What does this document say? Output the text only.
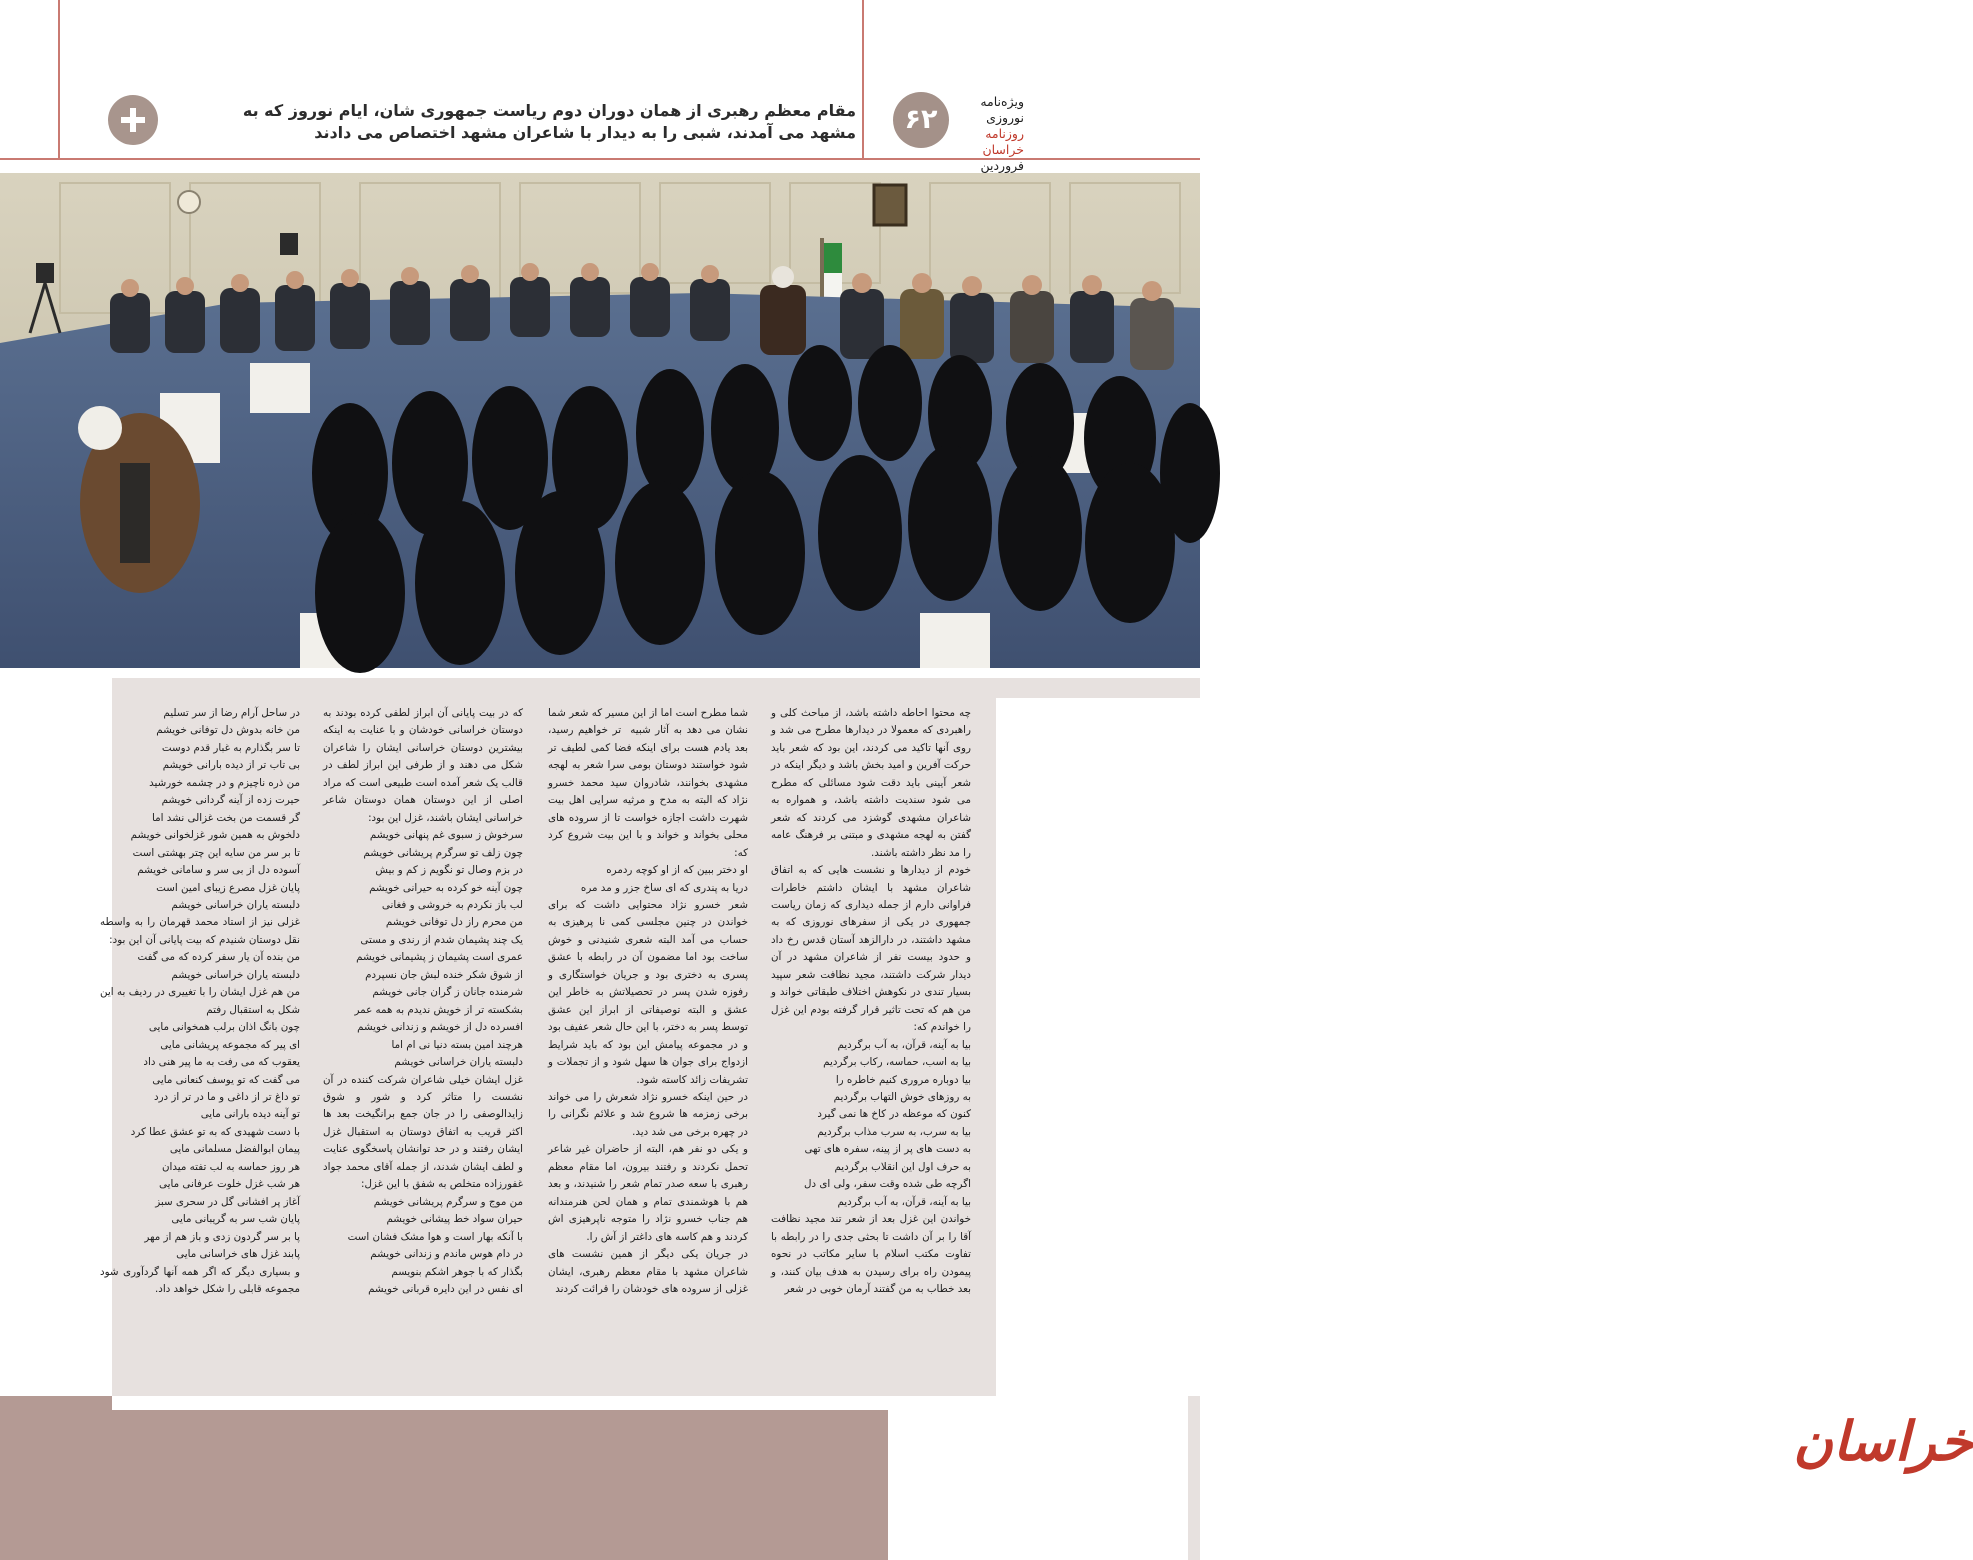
۶۲
ویژه‌نامه نوروزی
روزنامه خراسان
فروردین
مقام معظم رهبری از همان دوران دوم ریاست جمهوری شان، ایام نوروز که به
مشهد می آمدند، شبی را به دیدار با شاعران مشهد اختصاص می دادند
چه محتوا احاطه داشته باشد، از مباحث کلی و راهبردی که معمولا در دیدارها مطرح می شد و روی آنها تاکید می کردند، این بود که شعر باید حرکت آفرین و امید بخش باشد و دیگر اینکه در شعر آیینی باید دقت شود مسائلی که مطرح می شود سندیت داشته باشد، و همواره به شاعران مشهدی گوشزد می کردند که شعر گفتن به لهجه مشهدی و مبتنی بر فرهنگ عامه را مد نظر داشته باشند.
خودم از دیدارها و نشست هایی که به اتفاق شاعران مشهد با ایشان داشتم خاطرات فراوانی دارم از جمله دیداری که زمان ریاست جمهوری در یکی از سفرهای نوروزی که به مشهد داشتند، در دارالزهد آستان قدس رخ داد و حدود بیست نفر از شاعران مشهد در آن دیدار شرکت داشتند، مجید نظافت شعر سپید بسیار تندی در نکوهش اختلاف طبقاتی خواند و من هم که تحت تاثیر قرار گرفته بودم این غزل را خواندم که:
بیا به آینه، قرآن، به آب برگردیم
بیا به اسب، حماسه، رکاب برگردیم
بیا دوباره مروری کنیم خاطره را
به روزهای خوش التهاب برگردیم
کنون که موعظه در کاخ ها نمی گیرد
بیا به سرب، به سرب مذاب برگردیم
به دست های پر از پینه، سفره های تهی
به حرف اول این انقلاب برگردیم
اگرچه طی شده وقت سفر، ولی ای دل
بیا به آینه، قرآن، به آب برگردیم
خواندن این غزل بعد از شعر تند مجید نظافت آقا را بر آن داشت تا بحثی جدی را در رابطه با تفاوت مکتب اسلام با سایر مکاتب در نحوه پیمودن راه برای رسیدن به هدف بیان کنند، و بعد خطاب به من گفتند آرمان خوبی در شعر
شما مطرح است اما از این مسیر که شعر شما نشان می دهد به آثار شبیه ‌ تر خواهیم رسید، بعد یادم هست برای اینکه فضا کمی لطیف تر شود خواستند دوستان بومی سرا شعر به لهجه مشهدی بخوانند، شادروان سید محمد خسرو نژاد که البته به مدح و مرثیه سرایی اهل بیت شهرت داشت اجازه خواست تا از سروده های محلی بخواند و خواند و با این بیت شروع کرد که:
او دختر ببین که از او کوچه ردمره
دریا به پندری که ای ساخ جزر و مد مره
شعر خسرو نژاد محتوایی داشت که برای خواندن در چنین مجلسی کمی نا پرهیزی به حساب می آمد البته شعری شنیدنی و خوش ساخت بود اما مضمون آن در رابطه با عشق پسری به دختری بود و جریان خواستگاری و رفوزه شدن پسر در تحصیلاتش به خاطر این عشق و البته توصیفاتی از ابراز این عشق توسط پسر به دختر، با این حال شعر عفیف بود و در مجموعه پیامش این بود که باید شرایط ازدواج برای جوان ها سهل شود و از تجملات و تشریفات زائد کاسته شود.
در حین اینکه خسرو نژاد شعرش را می خواند برخی زمزمه ها شروع شد و علائم نگرانی را در چهره برخی می شد دید.
و یکی دو نفر هم، البته از حاضران غیر شاعر تحمل نکردند و رفتند بیرون، اما مقام معظم رهبری با سعه صدر تمام شعر را شنیدند، و بعد هم با هوشمندی تمام و همان لحن هنرمندانه هم جناب خسرو نژاد را متوجه ناپرهیزی اش کردند و هم کاسه های داغتر از آش را.
در جریان یکی دیگر از همین نشست های شاعران مشهد با مقام معظم رهبری، ایشان غزلی از سروده های خودشان را قرائت کردند
که در بیت پایانی آن ابراز لطفی کرده بودند به دوستان خراسانی خودشان و با عنایت به اینکه بیشترین دوستان خراسانی ایشان را شاعران شکل می دهند و از طرفی این ابراز لطف در قالب یک شعر آمده است طبیعی است که مراد اصلی از این دوستان همان دوستان شاعر خراسانی ایشان باشند، غزل این بود:
سرخوش ز سبوی غم پنهانی خویشم
چون زلف تو سرگرم پریشانی خویشم
در بزم وصال تو نگویم ز کم و بیش
چون آینه خو کرده به حیرانی خویشم
لب باز نکردم به خروشی و فغانی
من محرم راز دل توفانی خویشم
یک چند پشیمان شدم از رندی و مستی
عمری است پشیمان ز پشیمانی خویشم
از شوق شکر خنده لبش جان نسپردم
شرمنده جانان ز گران جانی خویشم
بشکسته تر از خویش ندیدم به همه عمر
افسرده دل از خویشم و زندانی خویشم
هرچند امین بسته دنیا نی ام اما
دلبسته یاران خراسانی خویشم
غزل ایشان خیلی شاعران شرکت کننده در آن نشست را متاثر کرد و شور و شوق زایدالوصفی را در جان جمع برانگیخت بعد ها اکثر قریب به اتفاق دوستان به استقبال غزل ایشان رفتند و در حد توانشان پاسخگوی عنایت و لطف ایشان شدند، از جمله آقای محمد جواد غفورزاده متخلص به شفق با این غزل:
من موج و سرگرم پریشانی خویشم
حیران سواد خط پیشانی خویشم
با آنکه بهار است و هوا مشک فشان است
در دام هوس ماندم و زندانی خویشم
بگذار که با جوهر اشکم بنویسم
ای نفس در این دایره قربانی خویشم
در ساحل آرام رضا از سر تسلیم
من خانه بدوش دل توفانی خویشم
تا سر بگذارم به غبار قدم دوست
بی تاب تر از دیده بارانی خویشم
من ذره ناچیزم و در چشمه خورشید
حیرت زده از آینه گردانی خویشم
گر قسمت من بخت غزالی نشد اما
دلخوش به همین شور غزلخوانی خویشم
تا بر سر من سایه این چتر بهشتی است
آسوده دل از بی سر و سامانی خویشم
پایان غزل مصرع زیبای امین است
دلبسته یاران خراسانی خویشم
غزلی نیز از استاد محمد قهرمان را به واسطه نقل دوستان شنیدم که بیت پایانی آن این بود:
من بنده آن یار سفر کرده که می گفت
دلبسته یاران خراسانی خویشم
من هم غزل ایشان را با تغییری در ردیف به این شکل به استقبال رفتم
چون بانگ اذان برلب همخوانی مایی
ای پیر که مجموعه پریشانی مایی
یعقوب که می رفت به ما پیر هنی داد
می گفت که تو یوسف کنعانی مایی
تو داغ تر از داغی و ما در تر از درد
تو آینه دیده بارانی مایی
با دست شهیدی که به تو عشق عطا کرد
پیمان ابوالفضل مسلمانی مایی
هر روز حماسه به لب تفته میدان
هر شب غزل خلوت عرفانی مایی
آغاز پر افشانی گل در سحری سبز
پایان شب سر به گریبانی مایی
پا بر سر گردون زدی و باز هم از مهر
پابند غزل های خراسانی مایی
و بسیاری دیگر که اگر همه آنها گردآوری شود مجموعه قابلی را شکل خواهد داد.
خراسان
